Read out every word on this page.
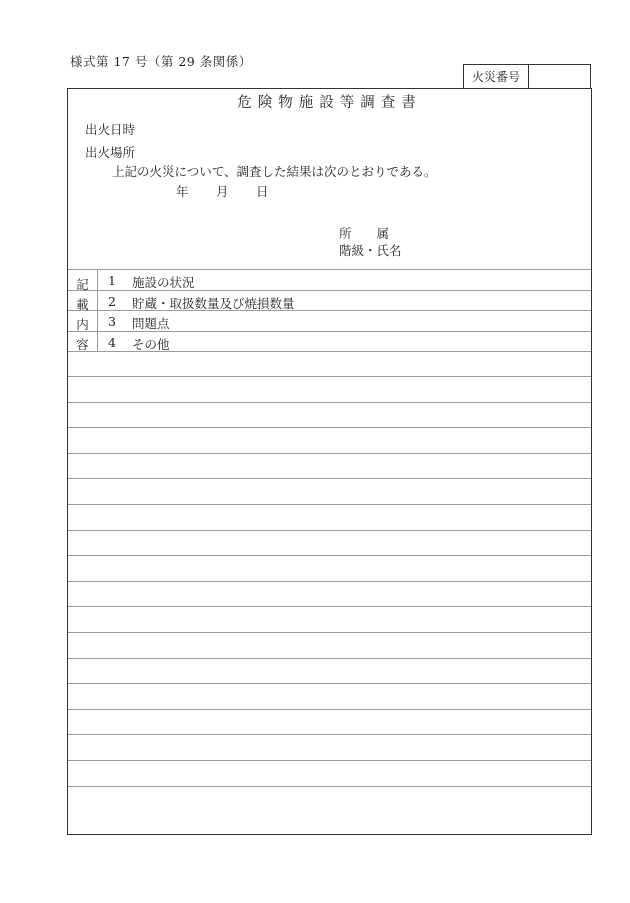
様式第 17 号（第 29 条関係）
火災番号
危険物施設等調査書
出火日時
出火場所
上記の火災について、調査した結果は次のとおりである。
年 月 日
所　　属
階級・氏名
記
載
内
容
1 施設の状況
2 貯蔵・取扱数量及び焼損数量
3 問題点
4 その他
